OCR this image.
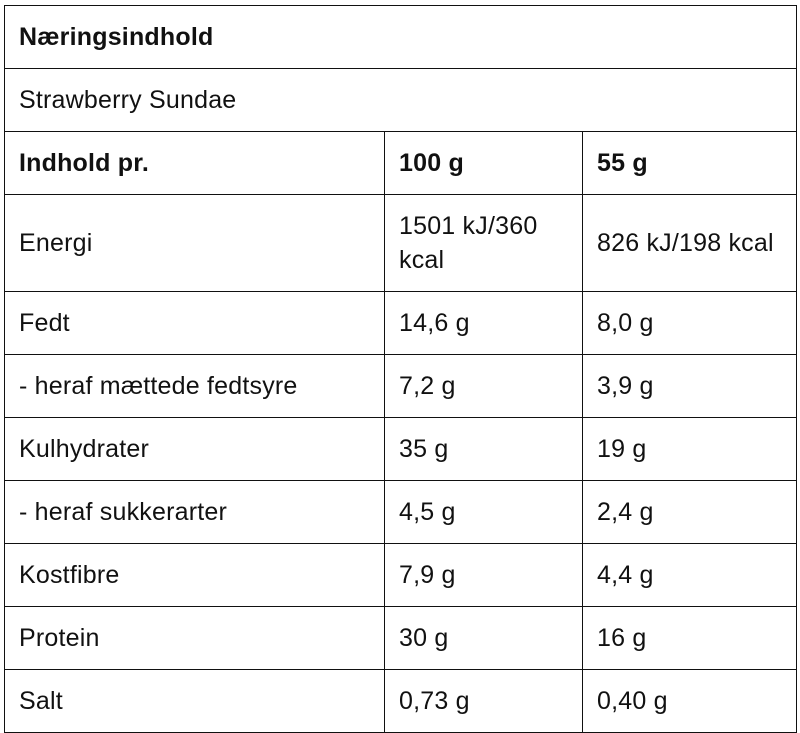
Næringsindhold		
Strawberry Sundae		
Indhold pr.	100 g	55 g
Energi	1501 kJ/360 kcal	826 kJ/198 kcal
Fedt	14,6 g	8,0 g
- heraf mættede fedtsyre	7,2 g	3,9 g
Kulhydrater	35 g	19 g
- heraf sukkerarter	4,5 g	2,4 g
Kostfibre	7,9 g	4,4 g
Protein	30 g	16 g
Salt	0,73 g	0,40 g
